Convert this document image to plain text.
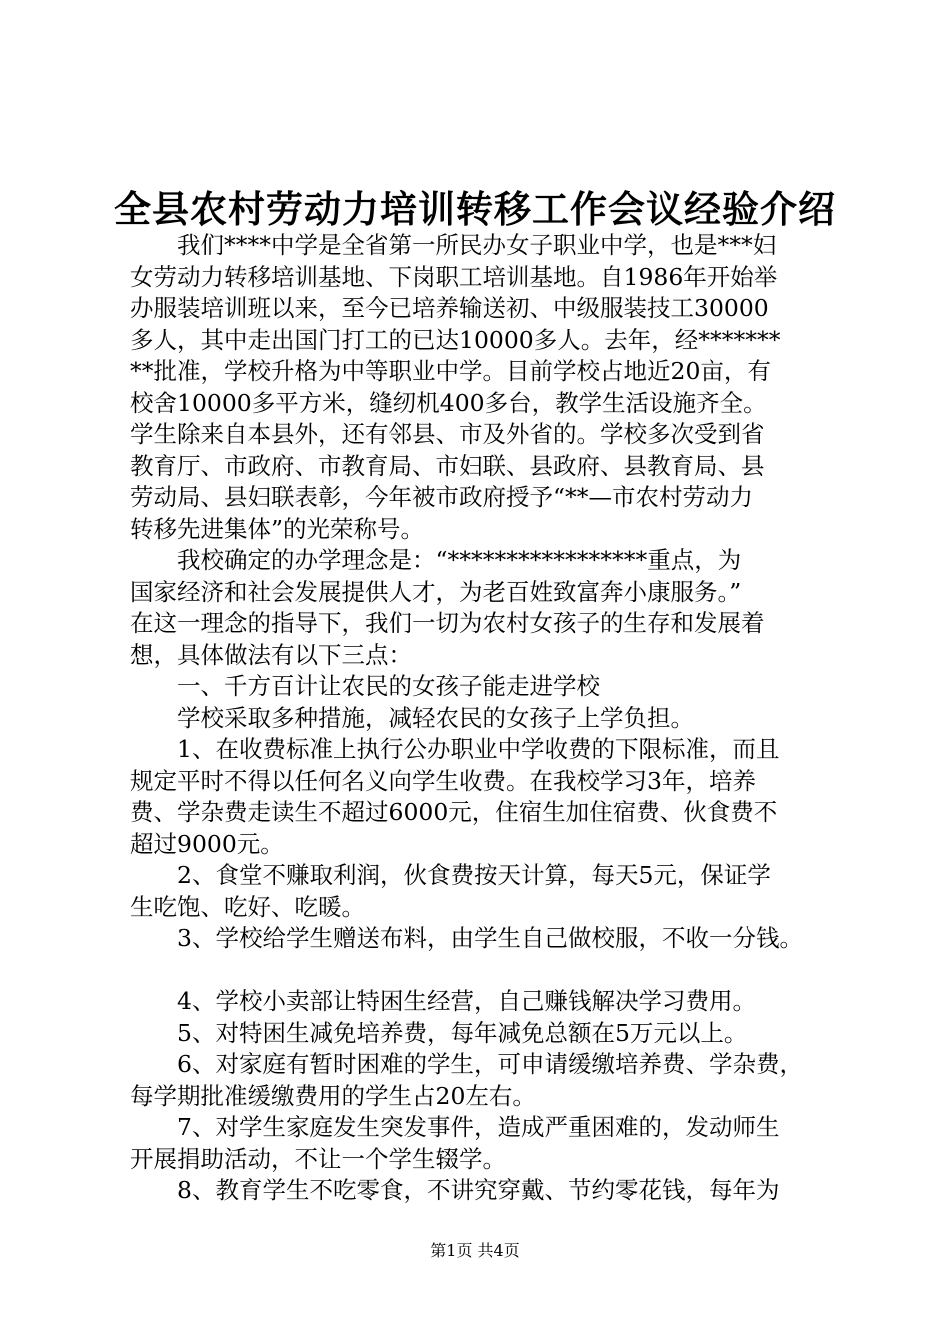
全县农村劳动力培训转移工作会议经验介绍
　　我们****中学是全省第一所民办女子职业中学，也是***妇
女劳动力转移培训基地、下岗职工培训基地。自1986年开始举
办服装培训班以来，至今已培养输送初、中级服装技工30000
多人，其中走出国门打工的已达10000多人。去年，经*******
**批准，学校升格为中等职业中学。目前学校占地近20亩，有
校舍10000多平方米，缝纫机400多台，教学生活设施齐全。
学生除来自本县外，还有邻县、市及外省的。学校多次受到省
教育厅、市政府、市教育局、市妇联、县政府、县教育局、县
劳动局、县妇联表彰，今年被市政府授予“**—市农村劳动力
转移先进集体”的光荣称号。
　　我校确定的办学理念是：“*****************重点，为
国家经济和社会发展提供人才，为老百姓致富奔小康服务。”
在这一理念的指导下，我们一切为农村女孩子的生存和发展着
想，具体做法有以下三点：
　　一、千方百计让农民的女孩子能走进学校
　　学校采取多种措施，减轻农民的女孩子上学负担。
　　1、在收费标准上执行公办职业中学收费的下限标准，而且
规定平时不得以任何名义向学生收费。在我校学习3年，培养
费、学杂费走读生不超过6000元，住宿生加住宿费、伙食费不
超过9000元。
　　2、食堂不赚取利润，伙食费按天计算，每天5元，保证学
生吃饱、吃好、吃暖。
　　3、学校给学生赠送布料，由学生自己做校服，不收一分钱。
　　4、学校小卖部让特困生经营，自己赚钱解决学习费用。
　　5、对特困生减免培养费，每年减免总额在5万元以上。
　　6、对家庭有暂时困难的学生，可申请缓缴培养费、学杂费，
每学期批准缓缴费用的学生占20左右。
　　7、对学生家庭发生突发事件，造成严重困难的，发动师生
开展捐助活动，不让一个学生辍学。
　　8、教育学生不吃零食，不讲究穿戴、节约零花钱，每年为
第1页 共4页
